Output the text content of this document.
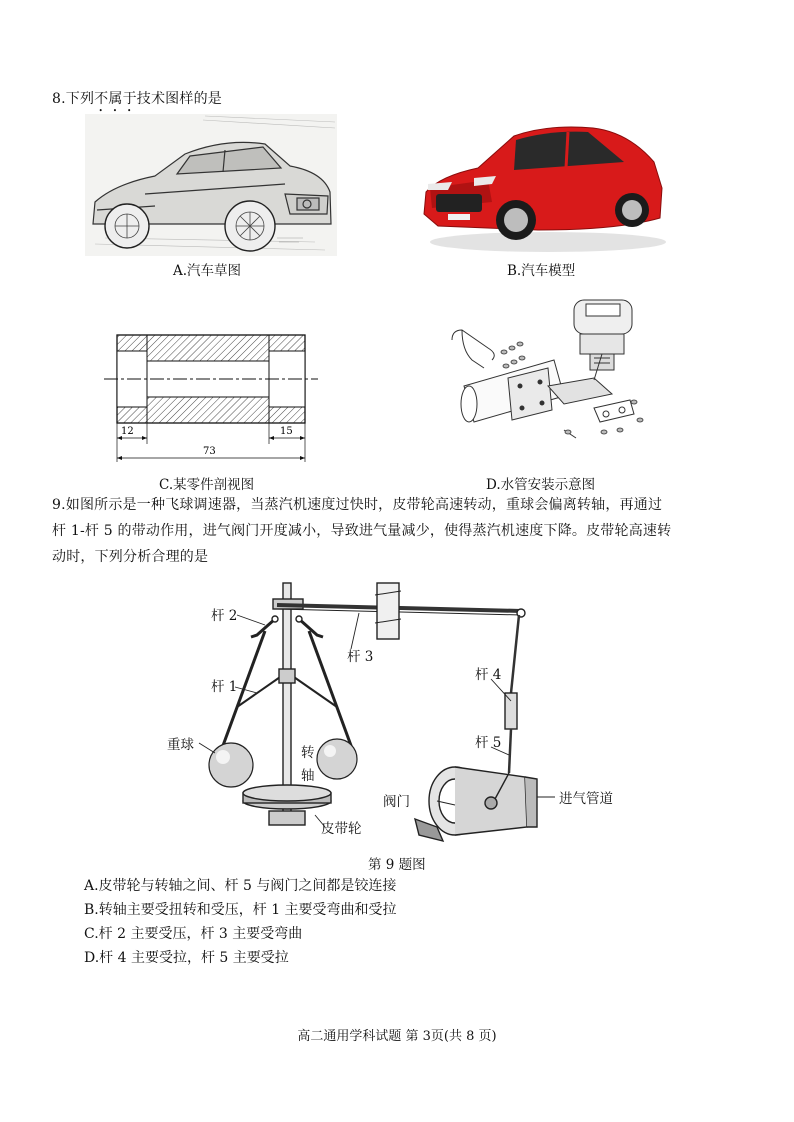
8.下列不属于技术图样的是
A.汽车草图	B.汽车模型
12	15
73
C.某零件剖视图	D.水管安装示意图
9.如图所示是一种飞球调速器，当蒸汽机速度过快时，皮带轮高速转动，重球会偏离转轴，再通过
杆 1-杆 5 的带动作用，进气阀门开度减小，导致进气量减少，使得蒸汽机速度下降。皮带轮高速转
动时，下列分析合理的是
杆 2
杆 3
杆 1
杆 4
杆 5
重球	转
轴
阀门	进气管道
皮带轮
第 9 题图
A.皮带轮与转轴之间、杆 5 与阀门之间都是铰连接
B.转轴主要受扭转和受压，杆 1 主要受弯曲和受拉
C.杆 2 主要受压，杆 3 主要受弯曲
D.杆 4 主要受拉，杆 5 主要受拉
高二通用学科试题 第 3页(共 8 页)
